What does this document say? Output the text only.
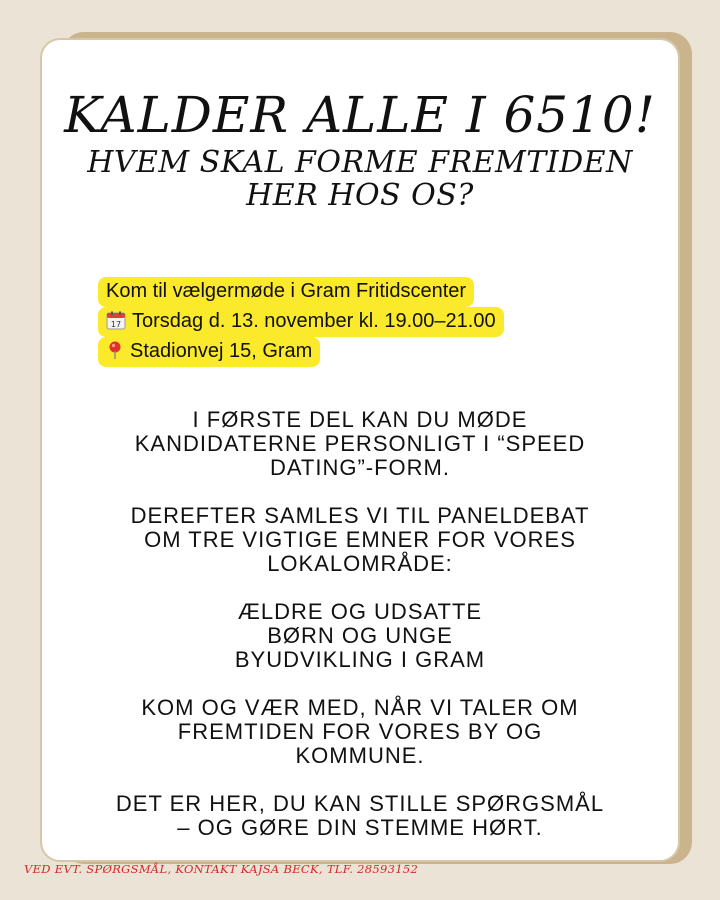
KALDER ALLE I 6510!
HVEM SKAL FORME FREMTIDEN
HER HOS OS?
Kom til vælgermøde i Gram Fritidscenter
17 Torsdag d. 13. november kl. 19.00–21.00
Stadionvej 15, Gram

I FØRSTE DEL KAN DU MØDE
KANDIDATERNE PERSONLIGT I “SPEED
DATING”-FORM.

DEREFTER SAMLES VI TIL PANELDEBAT
OM TRE VIGTIGE EMNER FOR VORES
LOKALOMRÅDE:

ÆLDRE OG UDSATTE
BØRN OG UNGE
BYUDVIKLING I GRAM

KOM OG VÆR MED, NÅR VI TALER OM
FREMTIDEN FOR VORES BY OG
KOMMUNE.

DET ER HER, DU KAN STILLE SPØRGSMÅL
– OG GØRE DIN STEMME HØRT.

VED EVT. SPØRGSMÅL, KONTAKT KAJSA BECK, TLF. 28593152
